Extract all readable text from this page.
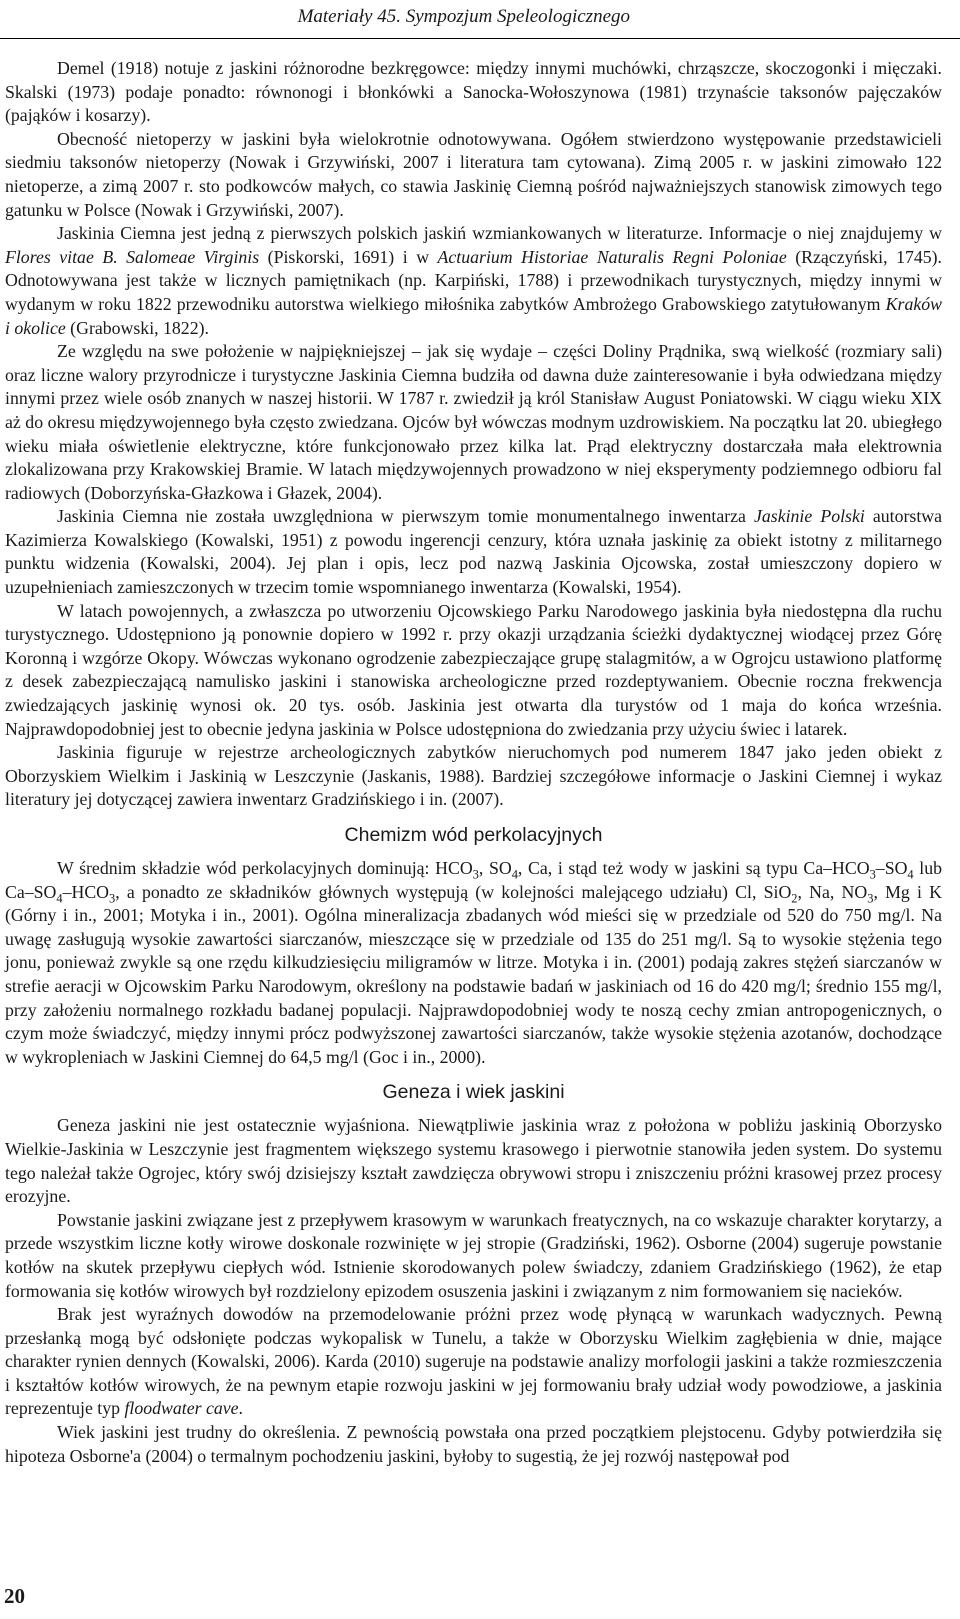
Materiały 45. Sympozjum Speleologicznego

Demel (1918) notuje z jaskini różnorodne bezkręgowce: między innymi muchówki, chrząszcze, skoczogonki i mięczaki. Skalski (1973) podaje ponadto: równonogi i błonkówki a Sanocka-Wołoszynowa (1981) trzynaście taksonów pajęczaków (pająków i kosarzy).

Obecność nietoperzy w jaskini była wielokrotnie odnotowywana. Ogółem stwierdzono występowanie przedstawicieli siedmiu taksonów nietoperzy (Nowak i Grzywiński, 2007 i literatura tam cytowana). Zimą 2005 r. w jaskini zimowało 122 nietoperze, a zimą 2007 r. sto podkowców małych, co stawia Jaskinię Ciemną pośród najważniejszych stanowisk zimowych tego gatunku w Polsce (Nowak i Grzywiński, 2007).

Jaskinia Ciemna jest jedną z pierwszych polskich jaskiń wzmiankowanych w literaturze. Informacje o niej znajdujemy w Flores vitae B. Salomeae Virginis (Piskorski, 1691) i w Actuarium Historiae Naturalis Regni Poloniae (Rzączyński, 1745). Odnotowywana jest także w licznych pamiętnikach (np. Karpiński, 1788) i przewodnikach turystycznych, między innymi w wydanym w roku 1822 przewodniku autorstwa wielkiego miłośnika zabytków Ambrożego Grabowskiego zatytułowanym Kraków i okolice (Grabowski, 1822).

Ze względu na swe położenie w najpiękniejszej – jak się wydaje – części Doliny Prądnika, swą wielkość (rozmiary sali) oraz liczne walory przyrodnicze i turystyczne Jaskinia Ciemna budziła od dawna duże zainteresowanie i była odwiedzana między innymi przez wiele osób znanych w naszej historii. W 1787 r. zwiedził ją król Stanisław August Poniatowski. W ciągu wieku XIX aż do okresu międzywojennego była często zwiedzana. Ojców był wówczas modnym uzdrowiskiem. Na początku lat 20. ubiegłego wieku miała oświetlenie elektryczne, które funkcjonowało przez kilka lat. Prąd elektryczny dostarczała mała elektrownia zlokalizowana przy Krakowskiej Bramie. W latach międzywojennych prowadzono w niej eksperymenty podziemnego odbioru fal radiowych (Doborzyńska-Głazkowa i Głazek, 2004).

Jaskinia Ciemna nie została uwzględniona w pierwszym tomie monumentalnego inwentarza Jaskinie Polski autorstwa Kazimierza Kowalskiego (Kowalski, 1951) z powodu ingerencji cenzury, która uznała jaskinię za obiekt istotny z militarnego punktu widzenia (Kowalski, 2004). Jej plan i opis, lecz pod nazwą Jaskinia Ojcowska, został umieszczony dopiero w uzupełnieniach zamieszczonych w trzecim tomie wspomnianego inwentarza (Kowalski, 1954).

W latach powojennych, a zwłaszcza po utworzeniu Ojcowskiego Parku Narodowego jaskinia była niedostępna dla ruchu turystycznego. Udostępniono ją ponownie dopiero w 1992 r. przy okazji urządzania ścieżki dydaktycznej wiodącej przez Górę Koronną i wzgórze Okopy. Wówczas wykonano ogrodzenie zabezpieczające grupę stalagmitów, a w Ogrojcu ustawiono platformę z desek zabezpieczającą namulisko jaskini i stanowiska archeologiczne przed rozdeptywaniem. Obecnie roczna frekwencja zwiedzających jaskinię wynosi ok. 20 tys. osób. Jaskinia jest otwarta dla turystów od 1 maja do końca września. Najprawdopodobniej jest to obecnie jedyna jaskinia w Polsce udostępniona do zwiedzania przy użyciu świec i latarek.

Jaskinia figuruje w rejestrze archeologicznych zabytków nieruchomych pod numerem 1847 jako jeden obiekt z Oborzyskiem Wielkim i Jaskinią w Leszczynie (Jaskanis, 1988). Bardziej szczegółowe informacje o Jaskini Ciemnej i wykaz literatury jej dotyczącej zawiera inwentarz Gradzińskiego i in. (2007).

Chemizm wód perkolacyjnych

W średnim składzie wód perkolacyjnych dominują: $HCO_3$, $SO_4$, Ca, i stąd też wody w jaskini są typu $Ca-HCO_3-SO_4$ lub $Ca-SO_4-HCO_3$, a ponadto ze składników głównych występują (w kolejności malejącego udziału) Cl, SiO$_2$, Na, $NO_3$, Mg i K (Górny i in., 2001; Motyka i in., 2001). Ogólna mineralizacja zbadanych wód mieści się w przedziale od 520 do 750 mg/l. Na uwagę zasługują wysokie zawartości siarczanów, mieszczące się w przedziale od 135 do 251 mg/l. Są to wysokie stężenia tego jonu, ponieważ zwykle są one rzędu kilkudziesięciu miligramów w litrze. Motyka i in. (2001) podają zakres stężeń siarczanów w strefie aeracji w Ojcowskim Parku Narodowym, określony na podstawie badań w jaskiniach od 16 do 420 mg/l; średnio 155 mg/l, przy założeniu normalnego rozkładu badanej populacji. Najprawdopodobniej wody te noszą cechy zmian antropogenicznych, o czym może świadczyć, między innymi prócz podwyższonej zawartości siarczanów, także wysokie stężenia azotanów, dochodzące w wykropleniach w Jaskini Ciemnej do 64,5 mg/l (Goc i in., 2000).

Geneza i wiek jaskini

Geneza jaskini nie jest ostatecznie wyjaśniona. Niewątpliwie jaskinia wraz z położona w pobliżu jaskinią Oborzysko Wielkie-Jaskinia w Leszczynie jest fragmentem większego systemu krasowego i pierwotnie stanowiła jeden system. Do systemu tego należał także Ogrojec, który swój dzisiejszy kształt zawdzięcza obrywowi stropu i zniszczeniu próżni krasowej przez procesy erozyjne.

Powstanie jaskini związane jest z przepływem krasowym w warunkach freatycznych, na co wskazuje charakter korytarzy, a przede wszystkim liczne kotły wirowe doskonale rozwinięte w jej stropie (Gradziński, 1962). Osborne (2004) sugeruje powstanie kotłów na skutek przepływu ciepłych wód. Istnienie skorodowanych polew świadczy, zdaniem Gradzińskiego (1962), że etap formowania się kotłów wirowych był rozdzielony epizodem osuszenia jaskini i związanym z nim formowaniem się nacieków.

Brak jest wyraźnych dowodów na przemodelowanie próżni przez wodę płynącą w warunkach wadycznych. Pewną przesłanką mogą być odsłonięte podczas wykopalisk w Tunelu, a także w Oborzysku Wielkim zagłębienia w dnie, mające charakter rynien dennych (Kowalski, 2006). Karda (2010) sugeruje na podstawie analizy morfologii jaskini a także rozmieszczenia i kształtów kotłów wirowych, że na pewnym etapie rozwoju jaskini w jej formowaniu brały udział wody powodziowe, a jaskinia reprezentuje typ floodwater cave.

Wiek jaskini jest trudny do określenia. Z pewnością powstała ona przed początkiem plejstocenu. Gdyby potwierdziła się hipoteza Osborne'a (2004) o termalnym pochodzeniu jaskini, byłoby to sugestią, że jej rozwój następował pod

20
